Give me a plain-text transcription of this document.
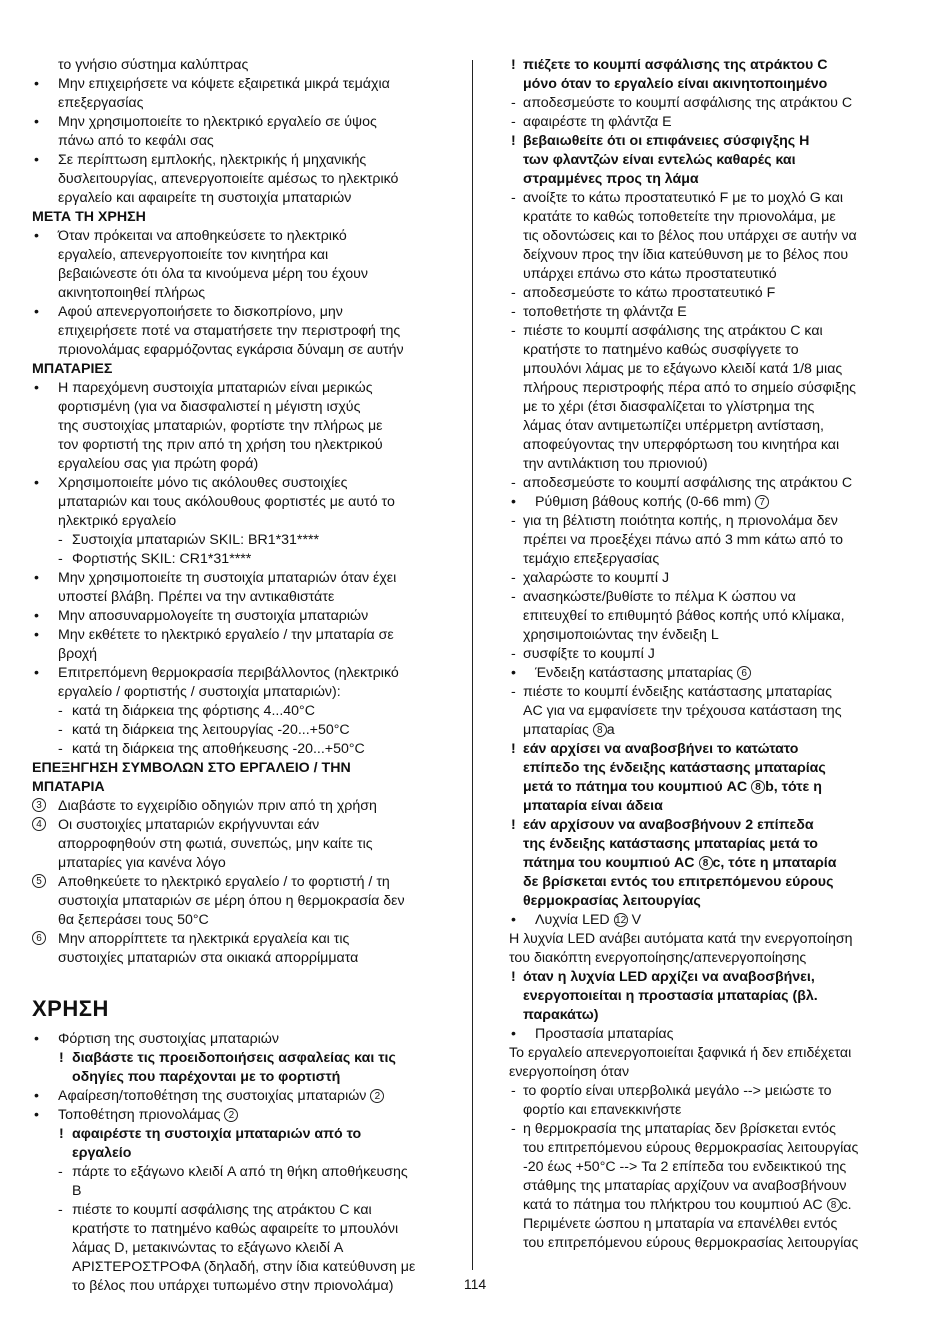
το γνήσιο σύστημα καλύπτρας
• Μην επιχειρήσετε να κόψετε εξαιρετικά μικρά τεμάχια
επεξεργασίας
• Μην χρησιμοποιείτε το ηλεκτρικό εργαλείο σε ύψος
πάνω από το κεφάλι σας
• Σε περίπτωση εμπλοκής, ηλεκτρικής ή μηχανικής
δυσλειτουργίας, απενεργοποιείτε αμέσως το ηλεκτρικό
εργαλείο και αφαιρείτε τη συστοιχία μπαταριών
ΜΕΤΑ ΤΗ ΧΡΗΣΗ
• Όταν πρόκειται να αποθηκεύσετε το ηλεκτρικό
εργαλείο, απενεργοποιείτε τον κινητήρα και
βεβαιώνεστε ότι όλα τα κινούμενα μέρη του έχουν
ακινητοποιηθεί πλήρως
• Αφού απενεργοποιήσετε το δισκοπρίονο, μην
επιχειρήσετε ποτέ να σταματήσετε την περιστροφή της
πριονολάμας εφαρμόζοντας εγκάρσια δύναμη σε αυτήν
ΜΠΑΤΑΡΙΕΣ
• Η παρεχόμενη συστοιχία μπαταριών είναι μερικώς
φορτισμένη (για να διασφαλιστεί η μέγιστη ισχύς
της συστοιχίας μπαταριών, φορτίστε την πλήρως με
τον φορτιστή της πριν από τη χρήση του ηλεκτρικού
εργαλείου σας για πρώτη φορά)
• Χρησιμοποιείτε μόνο τις ακόλουθες συστοιχίες
μπαταριών και τους ακόλουθους φορτιστές με αυτό το
ηλεκτρικό εργαλείο
- Συστοιχία μπαταριών SKIL: BR1*31****
- Φορτιστής SKIL: CR1*31****
• Μην χρησιμοποιείτε τη συστοιχία μπαταριών όταν έχει
υποστεί βλάβη. Πρέπει να την αντικαθιστάτε
• Μην αποσυναρμολογείτε τη συστοιχία μπαταριών
• Μην εκθέτετε το ηλεκτρικό εργαλείο / την μπαταρία σε
βροχή
• Επιτρεπόμενη θερμοκρασία περιβάλλοντος (ηλεκτρικό
εργαλείο / φορτιστής / συστοιχία μπαταριών):
- κατά τη διάρκεια της φόρτισης 4...40°C
- κατά τη διάρκεια της λειτουργίας -20...+50°C
- κατά τη διάρκεια της αποθήκευσης -20...+50°C
ΕΠΕΞΗΓΗΣΗ ΣΥΜΒΟΛΩΝ ΣΤΟ ΕΡΓΑΛΕΙΟ / ΤΗΝ
ΜΠΑΤΑΡΙΑ
3 Διαβάστε το εγχειρίδιο οδηγιών πριν από τη χρήση
4 Οι συστοιχίες μπαταριών εκρήγνυνται εάν
απορροφηθούν στη φωτιά, συνεπώς, μην καίτε τις
μπαταρίες για κανένα λόγο
5 Αποθηκεύετε το ηλεκτρικό εργαλείο / το φορτιστή / τη
συστοιχία μπαταριών σε μέρη όπου η θερμοκρασία δεν
θα ξεπεράσει τους 50°C
6 Μην απορρίπτετε τα ηλεκτρικά εργαλεία και τις
συστοιχίες μπαταριών στα οικιακά απορρίμματα
ΧΡΗΣΗ
• Φόρτιση της συστοιχίας μπαταριών
! διαβάστε τις προειδοποιήσεις ασφαλείας και τις
οδηγίες που παρέχονται με το φορτιστή
• Αφαίρεση/τοποθέτηση της συστοιχίας μπαταριών 2
• Τοποθέτηση πριονολάμας 2
! αφαιρέστε τη συστοιχία μπαταριών από το
εργαλείο
- πάρτε το εξάγωνο κλειδί A από τη θήκη αποθήκευσης
B
- πιέστε το κουμπί ασφάλισης της ατράκτου C και
κρατήστε το πατημένο καθώς αφαιρείτε το μπουλόνι
λάμας D, μετακινώντας το εξάγωνο κλειδί A
ΑΡΙΣΤΕΡΟΣΤΡΟΦΑ (δηλαδή, στην ίδια κατεύθυνση με
το βέλος που υπάρχει τυπωμένο στην πριονολάμα)
! πιέζετε το κουμπί ασφάλισης της ατράκτου C
μόνο όταν το εργαλείο είναι ακινητοποιημένο
- αποδεσμεύστε το κουμπί ασφάλισης της ατράκτου C
- αφαιρέστε τη φλάντζα E
! βεβαιωθείτε ότι οι επιφάνειες σύσφιγξης H
των φλαντζών είναι εντελώς καθαρές και
στραμμένες προς τη λάμα
- ανοίξτε το κάτω προστατευτικό F με το μοχλό G και
κρατάτε το καθώς τοποθετείτε την πριονολάμα, με
τις οδοντώσεις και το βέλος που υπάρχει σε αυτήν να
δείχνουν προς την ίδια κατεύθυνση με το βέλος που
υπάρχει επάνω στο κάτω προστατευτικό
- αποδεσμεύστε το κάτω προστατευτικό F
- τοποθετήστε τη φλάντζα E
- πιέστε το κουμπί ασφάλισης της ατράκτου C και
κρατήστε το πατημένο καθώς συσφίγγετε το
μπουλόνι λάμας με το εξάγωνο κλειδί κατά 1/8 μιας
πλήρους περιστροφής πέρα από το σημείο σύσφιξης
με το χέρι (έτσι διασφαλίζεται το γλίστρημα της
λάμας όταν αντιμετωπίζει υπέρμετρη αντίσταση,
αποφεύγοντας την υπερφόρτωση του κινητήρα και
την αντιλάκτιση του πριονιού)
- αποδεσμεύστε το κουμπί ασφάλισης της ατράκτου C
• Ρύθμιση βάθους κοπής (0-66 mm) 7
- για τη βέλτιστη ποιότητα κοπής, η πριονολάμα δεν
πρέπει να προεξέχει πάνω από 3 mm κάτω από το
τεμάχιο επεξεργασίας
- χαλαρώστε το κουμπί J
- ανασηκώστε/βυθίστε το πέλμα K ώσπου να
επιτευχθεί το επιθυμητό βάθος κοπής υπό κλίμακα,
χρησιμοποιώντας την ένδειξη L
- συσφίξτε το κουμπί J
• Ένδειξη κατάστασης μπαταρίας 6
- πιέστε το κουμπί ένδειξης κατάστασης μπαταρίας
AC για να εμφανίσετε την τρέχουσα κατάσταση της
μπαταρίας 8 a
! εάν αρχίσει να αναβοσβήνει το κατώτατο
επίπεδο της ένδειξης κατάστασης μπαταρίας
μετά το πάτημα του κουμπιού AC 8 b, τότε η
μπαταρία είναι άδεια
! εάν αρχίσουν να αναβοσβήνουν 2 επίπεδα
της ένδειξης κατάστασης μπαταρίας μετά το
πάτημα του κουμπιού AC 8 c, τότε η μπαταρία
δε βρίσκεται εντός του επιτρεπόμενου εύρους
θερμοκρασίας λειτουργίας
• Λυχνία LED 12 V
Η λυχνία LED ανάβει αυτόματα κατά την ενεργοποίηση
του διακόπτη ενεργοποίησης/απενεργοποίησης
! όταν η λυχνία LED αρχίζει να αναβοσβήνει,
ενεργοποιείται η προστασία μπαταρίας (βλ.
παρακάτω)
• Προστασία μπαταρίας
Το εργαλείο απενεργοποιείται ξαφνικά ή δεν επιδέχεται
ενεργοποίηση όταν
- το φορτίο είναι υπερβολικά μεγάλο --> μειώστε το
φορτίο και επανεκκινήστε
- η θερμοκρασία της μπαταρίας δεν βρίσκεται εντός
του επιτρεπόμενου εύρους θερμοκρασίας λειτουργίας
-20 έως +50°C --> Τα 2 επίπεδα του ενδεικτικού της
στάθμης της μπαταρίας αρχίζουν να αναβοσβήνουν
κατά το πάτημα του πλήκτρου του κουμπιού AC 8 c.
Περιμένετε ώσπου η μπαταρία να επανέλθει εντός
του επιτρεπόμενου εύρους θερμοκρασίας λειτουργίας
114
